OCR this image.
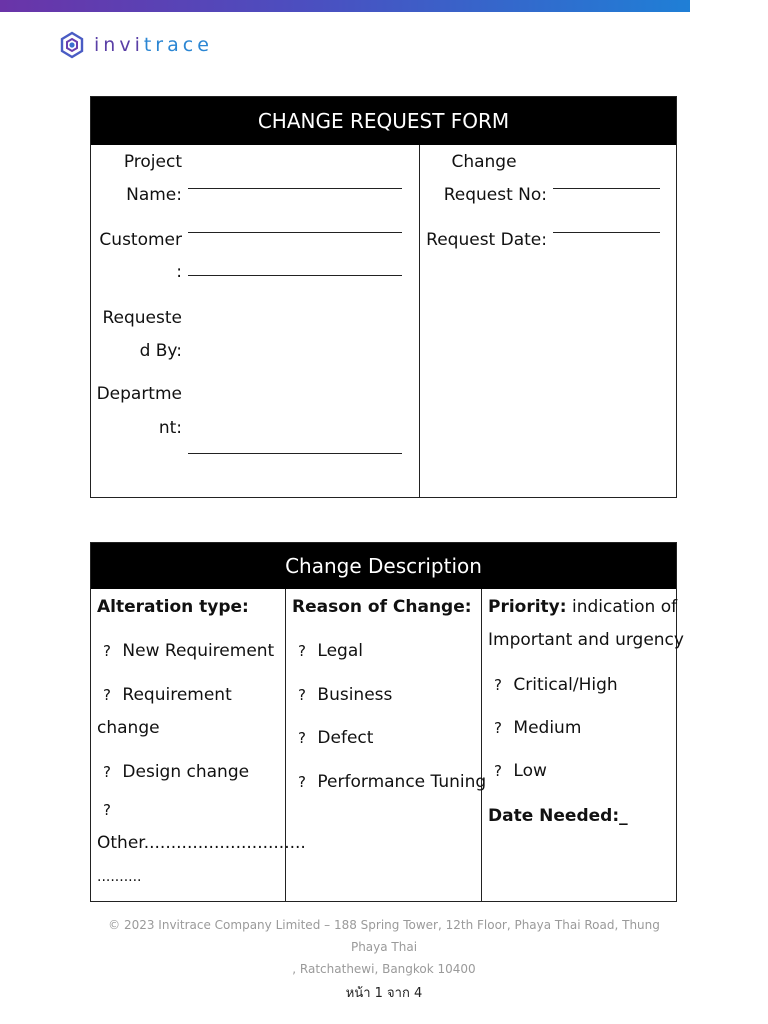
invitrace
CHANGE REQUEST FORM
Project
Name:
Customer
:
Requeste
d By:
Departme
nt:
Change
Request No:
Request Date:
Change Description
Alteration type:
? New Requirement
? Requirement
change
? Design change
?
Other..............................
..........
Reason of Change:
? Legal
? Business
? Defect
? Performance Tuning
Priority: indication of
Important and urgency
? Critical/High
? Medium
? Low
Date Needed:_
© 2023 Invitrace Company Limited – 188 Spring Tower, 12th Floor, Phaya Thai Road, Thung Phaya Thai
, Ratchathewi, Bangkok 10400
หน้า 1 จาก 4
